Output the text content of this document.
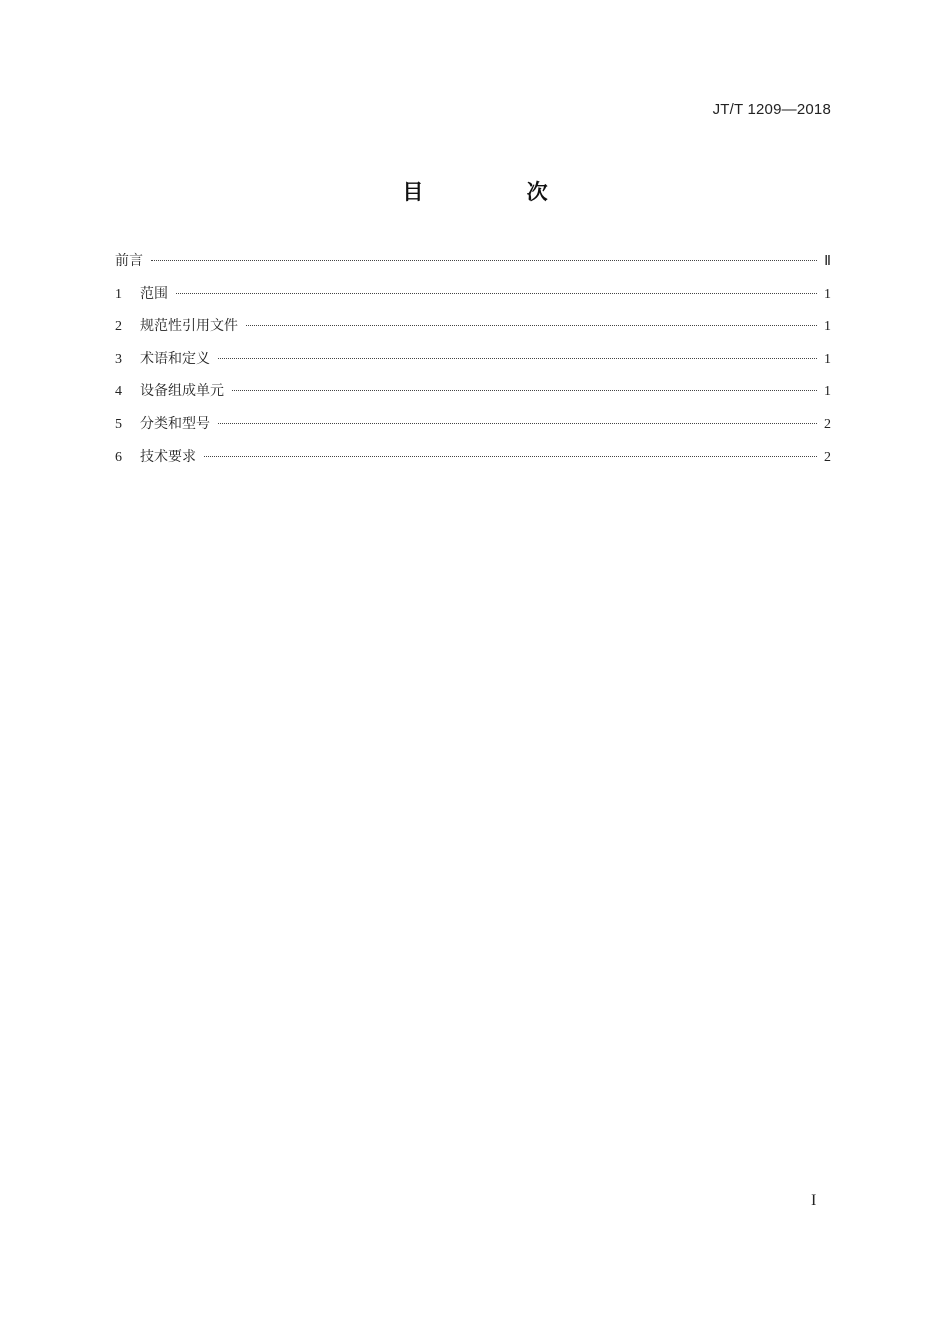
JT/T 1209—2018
目 次
前言	Ⅱ
1	范围	1
2	规范性引用文件	1
3	术语和定义	1
4	设备组成单元	1
5	分类和型号	2
6	技术要求	2
I
